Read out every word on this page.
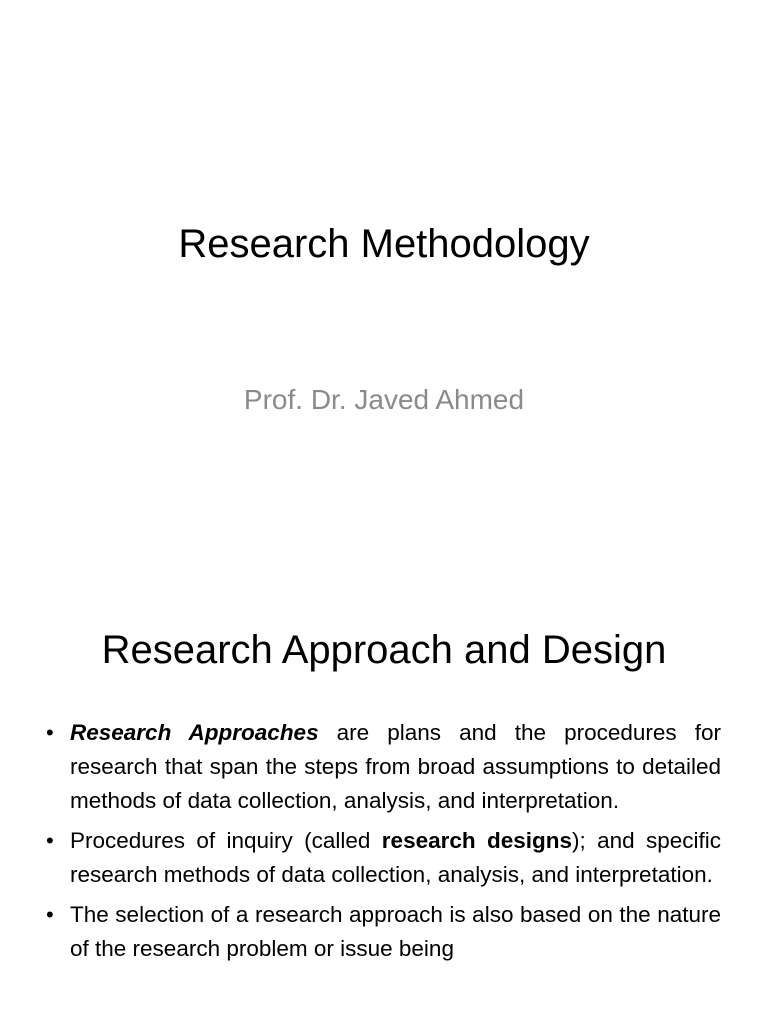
Research Methodology
Prof. Dr. Javed Ahmed
Research Approach and Design
• Research Approaches are plans and the procedures for research that span the steps from broad assumptions to detailed methods of data collection, analysis, and interpretation.
• Procedures of inquiry (called research designs); and specific research methods of data collection, analysis, and interpretation.
• The selection of a research approach is also based on the nature of the research problem or issue being
